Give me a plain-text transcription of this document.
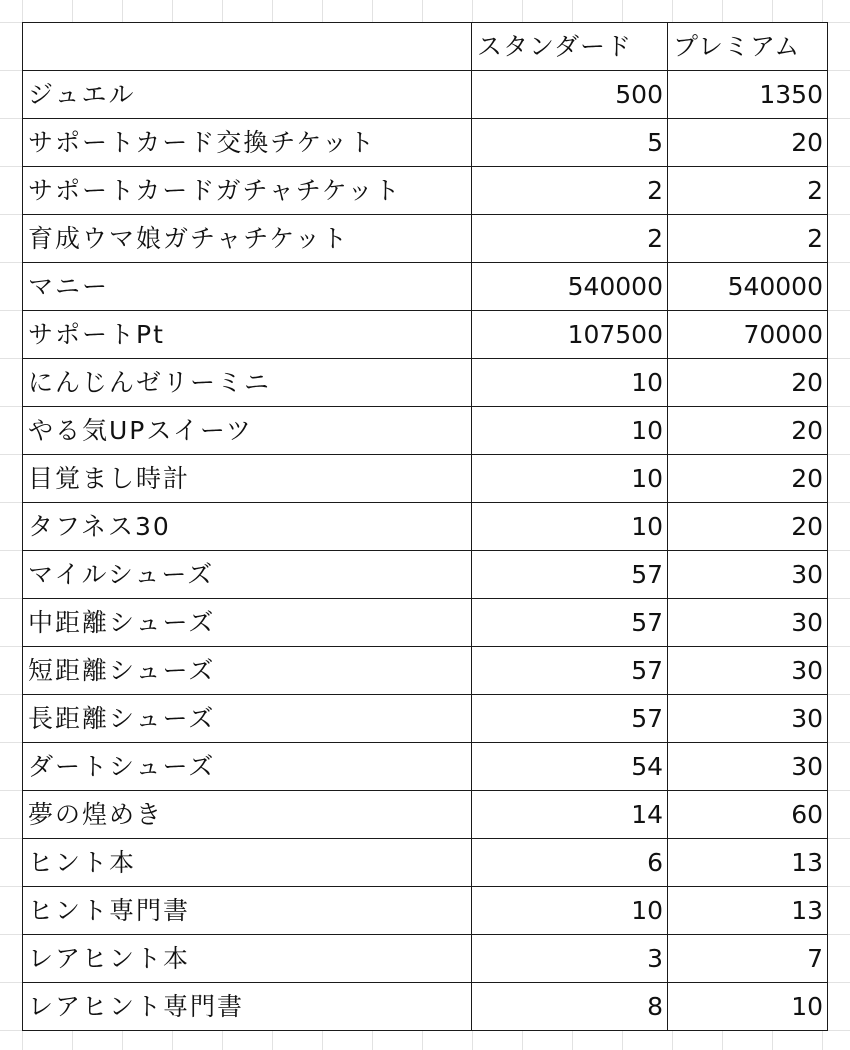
	スタンダード	プレミアム
ジュエル	500	1350
サポートカード交換チケット	5	20
サポートカードガチャチケット	2	2
育成ウマ娘ガチャチケット	2	2
マニー	540000	540000
サポートPt	107500	70000
にんじんゼリーミニ	10	20
やる気UPスイーツ	10	20
目覚まし時計	10	20
タフネス30	10	20
マイルシューズ	57	30
中距離シューズ	57	30
短距離シューズ	57	30
長距離シューズ	57	30
ダートシューズ	54	30
夢の煌めき	14	60
ヒント本	6	13
ヒント専門書	10	13
レアヒント本	3	7
レアヒント専門書	8	10
